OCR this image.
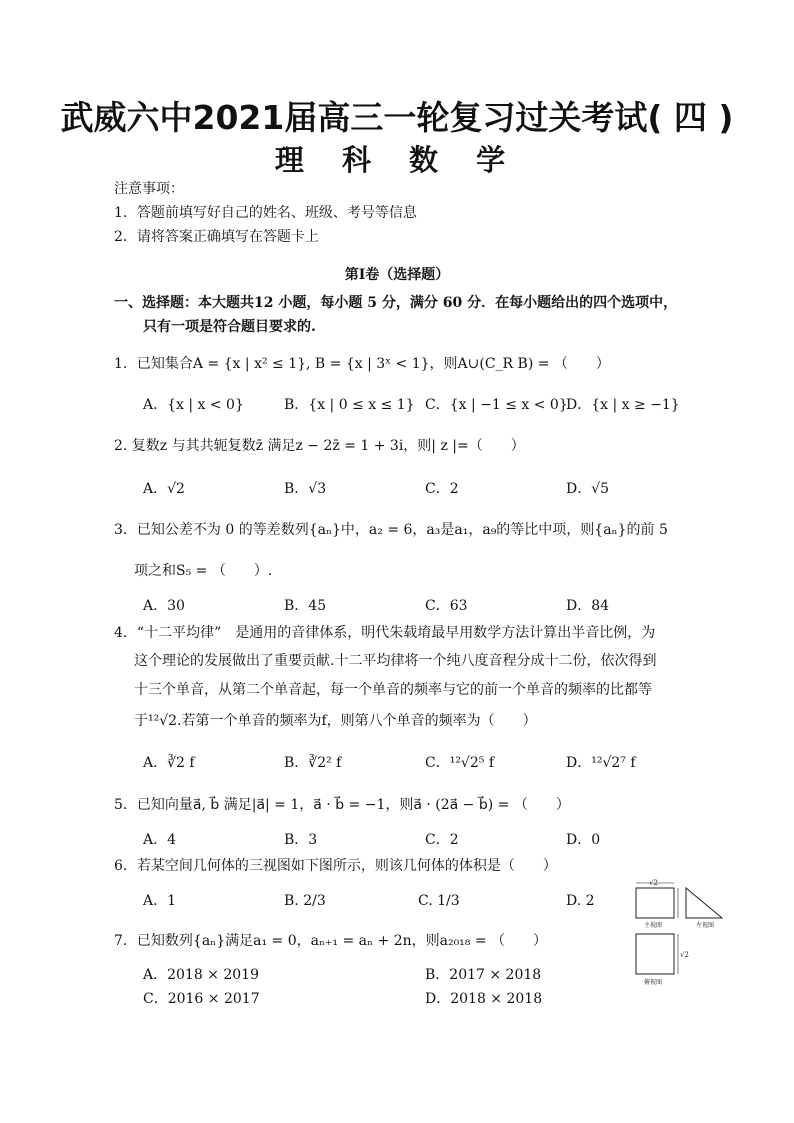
武威六中2021届高三一轮复习过关考试( 四 )
理 科 数 学
注意事项：
1．答题前填写好自己的姓名、班级、考号等信息
2．请将答案正确填写在答题卡上
第I卷（选择题）
一、选择题：本大题共12 小题，每小题 5 分，满分 60 分．在每小题给出的四个选项中，
只有一项是符合题目要求的.
1．已知集合A = {x | x² ≤ 1}, B = {x | 3ˣ < 1}，则A∪(C_R B) = （　　）
A．{x | x < 0}	B．{x | 0 ≤ x ≤ 1} C．{x | −1 ≤ x < 0}
D．{x | x ≥ −1}
2. 复数z 与其共轭复数z̄ 满足z − 2z̄ = 1 + 3i，则| z |=（　　）
A．√2	B．√3	C．2	D．√5
3．已知公差不为 0 的等差数列{aₙ}中，a₂ = 6，a₃是a₁，a₉的等比中项，则{aₙ}的前 5
项之和S₅ = （　　）.
A．30	B．45	C．63	D．84
4．“十二平均律”　是通用的音律体系，明代朱载堉最早用数学方法计算出半音比例，为
这个理论的发展做出了重要贡献.十二平均律将一个纯八度音程分成十二份，依次得到
十三个单音，从第二个单音起，每一个单音的频率与它的前一个单音的频率的比都等
于¹²√2.若第一个单音的频率为f，则第八个单音的频率为（　　）
A．∛2 f	B．∛2² f	C．¹²√2⁵ f	D．¹²√2⁷ f
5．已知向量a⃗, b⃗ 满足|a⃗| = 1，a⃗ · b⃗ = −1，则a⃗ · (2a⃗ − b⃗) = （　　）
A．4	B．3	C．2	D．0
6．若某空间几何体的三视图如下图所示，则该几何体的体积是（　　）
A．1	B. 2/3	C. 1/3	D. 2
7．已知数列{aₙ}满足a₁ = 0，aₙ₊₁ = aₙ + 2n，则a₂₀₁₈ = （　　）
A．2018 × 2019	B．2017 × 2018
C．2016 × 2017	D．2018 × 2018
√2
主视图	左视图
√2
俯视图
